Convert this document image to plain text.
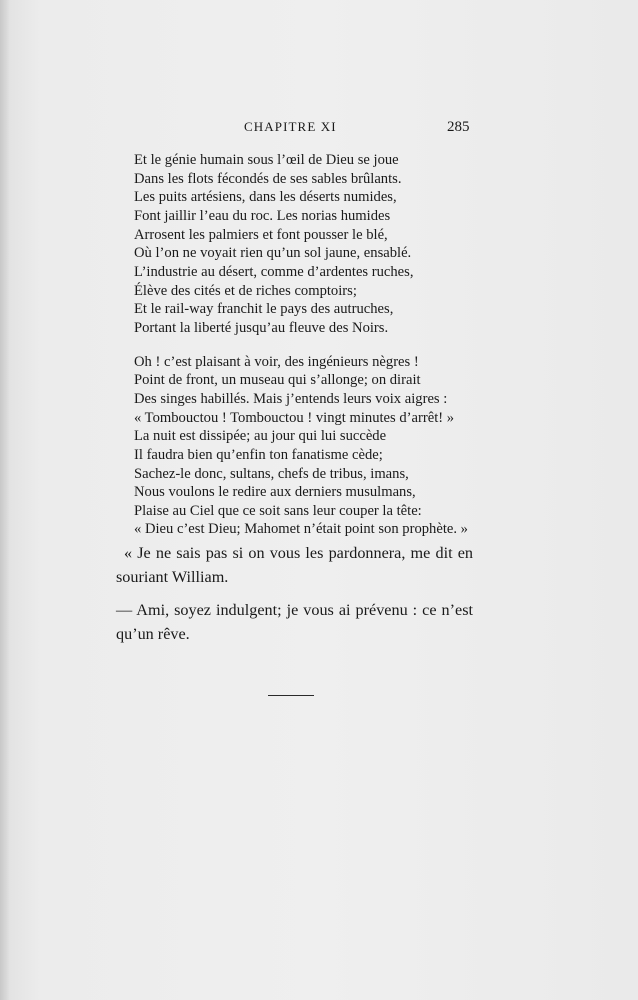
CHAPITRE XI	285
Et le génie humain sous l’œil de Dieu se joue
Dans les flots fécondés de ses sables brûlants.
Les puits artésiens, dans les déserts numides,
Font jaillir l’eau du roc. Les norias humides
Arrosent les palmiers et font pousser le blé,
Où l’on ne voyait rien qu’un sol jaune, ensablé.
L’industrie au désert, comme d’ardentes ruches,
Élève des cités et de riches comptoirs;
Et le rail-way franchit le pays des autruches,
Portant la liberté jusqu’au fleuve des Noirs.
Oh ! c’est plaisant à voir, des ingénieurs nègres !
Point de front, un museau qui s’allonge; on dirait
Des singes habillés. Mais j’entends leurs voix aigres :
« Tombouctou ! Tombouctou ! vingt minutes d’arrêt! »
La nuit est dissipée; au jour qui lui succède
Il faudra bien qu’enfin ton fanatisme cède;
Sachez-le donc, sultans, chefs de tribus, imans,
Nous voulons le redire aux derniers musulmans,
Plaise au Ciel que ce soit sans leur couper la tête:
« Dieu c’est Dieu; Mahomet n’était point son prophète. »

« Je ne sais pas si on vous les pardonnera, me dit en souriant William.

— Ami, soyez indulgent; je vous ai prévenu : ce n’est qu’un rêve.
